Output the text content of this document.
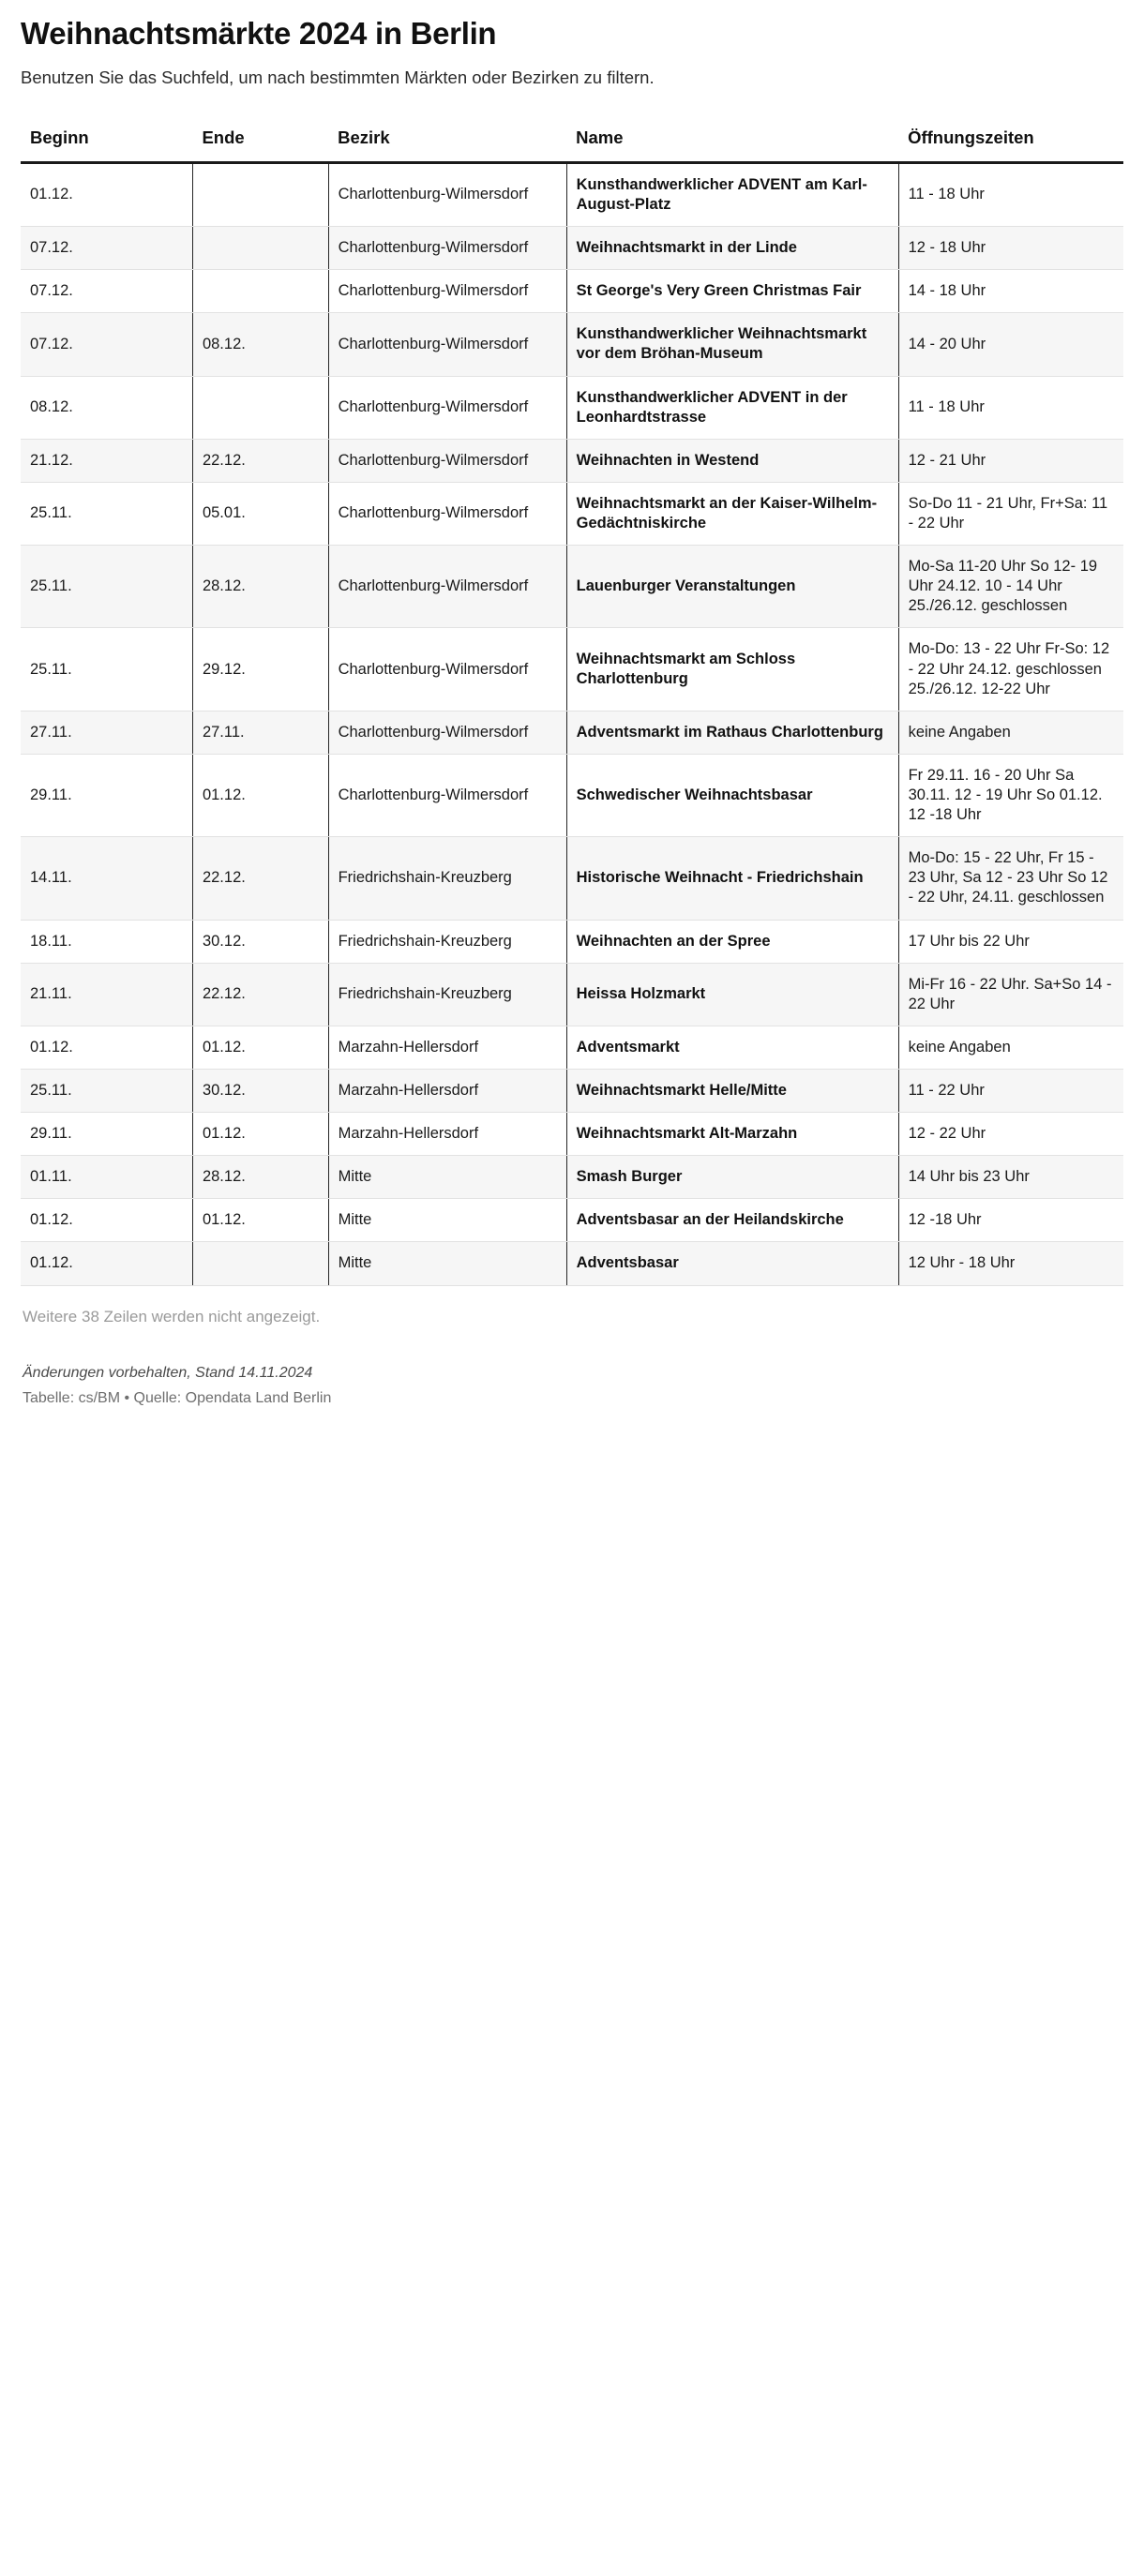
Weihnachtsmärkte 2024 in Berlin

Benutzen Sie das Suchfeld, um nach bestimmten Märkten oder Bezirken zu filtern.

Beginn	Ende	Bezirk	Name	Öffnungszeiten
01.12.		Charlottenburg-Wilmersdorf	Kunsthandwerklicher ADVENT am Karl-August-Platz	11 - 18 Uhr
07.12.		Charlottenburg-Wilmersdorf	Weihnachtsmarkt in der Linde	12 - 18 Uhr
07.12.		Charlottenburg-Wilmersdorf	St George's Very Green Christmas Fair	14 - 18 Uhr
07.12.	08.12.	Charlottenburg-Wilmersdorf	Kunsthandwerklicher Weihnachtsmarkt vor dem Bröhan-Museum	14 - 20 Uhr
08.12.		Charlottenburg-Wilmersdorf	Kunsthandwerklicher ADVENT in der Leonhardtstrasse	11 - 18 Uhr
21.12.	22.12.	Charlottenburg-Wilmersdorf	Weihnachten in Westend	12 - 21 Uhr
25.11.	05.01.	Charlottenburg-Wilmersdorf	Weihnachtsmarkt an der Kaiser-Wilhelm-Gedächtniskirche	So-Do 11 - 21 Uhr, Fr+Sa: 11 - 22 Uhr
25.11.	28.12.	Charlottenburg-Wilmersdorf	Lauenburger Veranstaltungen	Mo-Sa 11-20 Uhr So 12- 19 Uhr 24.12. 10 - 14 Uhr 25./26.12. geschlossen
25.11.	29.12.	Charlottenburg-Wilmersdorf	Weihnachtsmarkt am Schloss Charlottenburg	Mo-Do: 13 - 22 Uhr Fr-So: 12 - 22 Uhr 24.12. geschlossen 25./26.12. 12-22 Uhr
27.11.	27.11.	Charlottenburg-Wilmersdorf	Adventsmarkt im Rathaus Charlottenburg	keine Angaben
29.11.	01.12.	Charlottenburg-Wilmersdorf	Schwedischer Weihnachtsbasar	Fr 29.11. 16 - 20 Uhr Sa 30.11. 12 - 19 Uhr So 01.12. 12 -18 Uhr
14.11.	22.12.	Friedrichshain-Kreuzberg	Historische Weihnacht - Friedrichshain	Mo-Do: 15 - 22 Uhr, Fr 15 - 23 Uhr, Sa 12 - 23 Uhr So 12 - 22 Uhr, 24.11. geschlossen
18.11.	30.12.	Friedrichshain-Kreuzberg	Weihnachten an der Spree	17 Uhr bis 22 Uhr
21.11.	22.12.	Friedrichshain-Kreuzberg	Heissa Holzmarkt	Mi-Fr 16 - 22 Uhr. Sa+So 14 - 22 Uhr
01.12.	01.12.	Marzahn-Hellersdorf	Adventsmarkt	keine Angaben
25.11.	30.12.	Marzahn-Hellersdorf	Weihnachtsmarkt Helle/Mitte	11 - 22 Uhr
29.11.	01.12.	Marzahn-Hellersdorf	Weihnachtsmarkt Alt-Marzahn	12 - 22 Uhr
01.11.	28.12.	Mitte	Smash Burger	14 Uhr bis 23 Uhr
01.12.	01.12.	Mitte	Adventsbasar an der Heilandskirche	12 -18 Uhr
01.12.		Mitte	Adventsbasar	12 Uhr - 18 Uhr

Weitere 38 Zeilen werden nicht angezeigt.

Änderungen vorbehalten, Stand 14.11.2024

Tabelle: cs/BM • Quelle: Opendata Land Berlin
